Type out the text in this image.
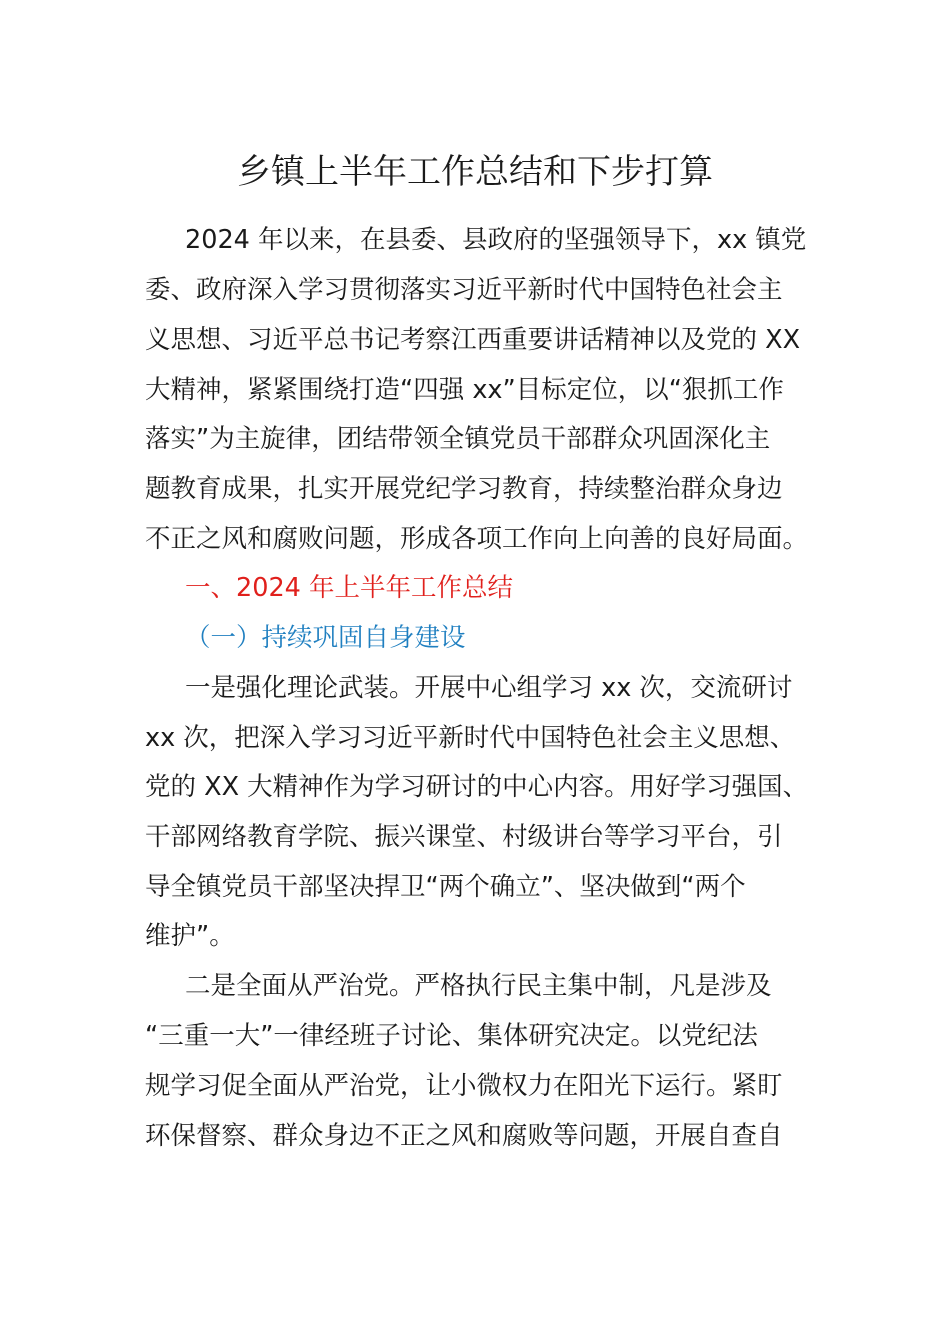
乡镇上半年工作总结和下步打算
2024 年以来，在县委、县政府的坚强领导下，xx 镇党
委、政府深入学习贯彻落实习近平新时代中国特色社会主
义思想、习近平总书记考察江西重要讲话精神以及党的 XX
大精神，紧紧围绕打造“四强 xx”目标定位，以“狠抓工作
落实”为主旋律，团结带领全镇党员干部群众巩固深化主
题教育成果，扎实开展党纪学习教育，持续整治群众身边
不正之风和腐败问题，形成各项工作向上向善的良好局面。
一、2024 年上半年工作总结
（一）持续巩固自身建设
一是强化理论武装。开展中心组学习 xx 次，交流研讨
xx 次，把深入学习习近平新时代中国特色社会主义思想、
党的 XX 大精神作为学习研讨的中心内容。用好学习强国、
干部网络教育学院、振兴课堂、村级讲台等学习平台，引
导全镇党员干部坚决捍卫“两个确立”、坚决做到“两个
维护”。
二是全面从严治党。严格执行民主集中制，凡是涉及
“三重一大”一律经班子讨论、集体研究决定。以党纪法
规学习促全面从严治党，让小微权力在阳光下运行。紧盯
环保督察、群众身边不正之风和腐败等问题，开展自查自
